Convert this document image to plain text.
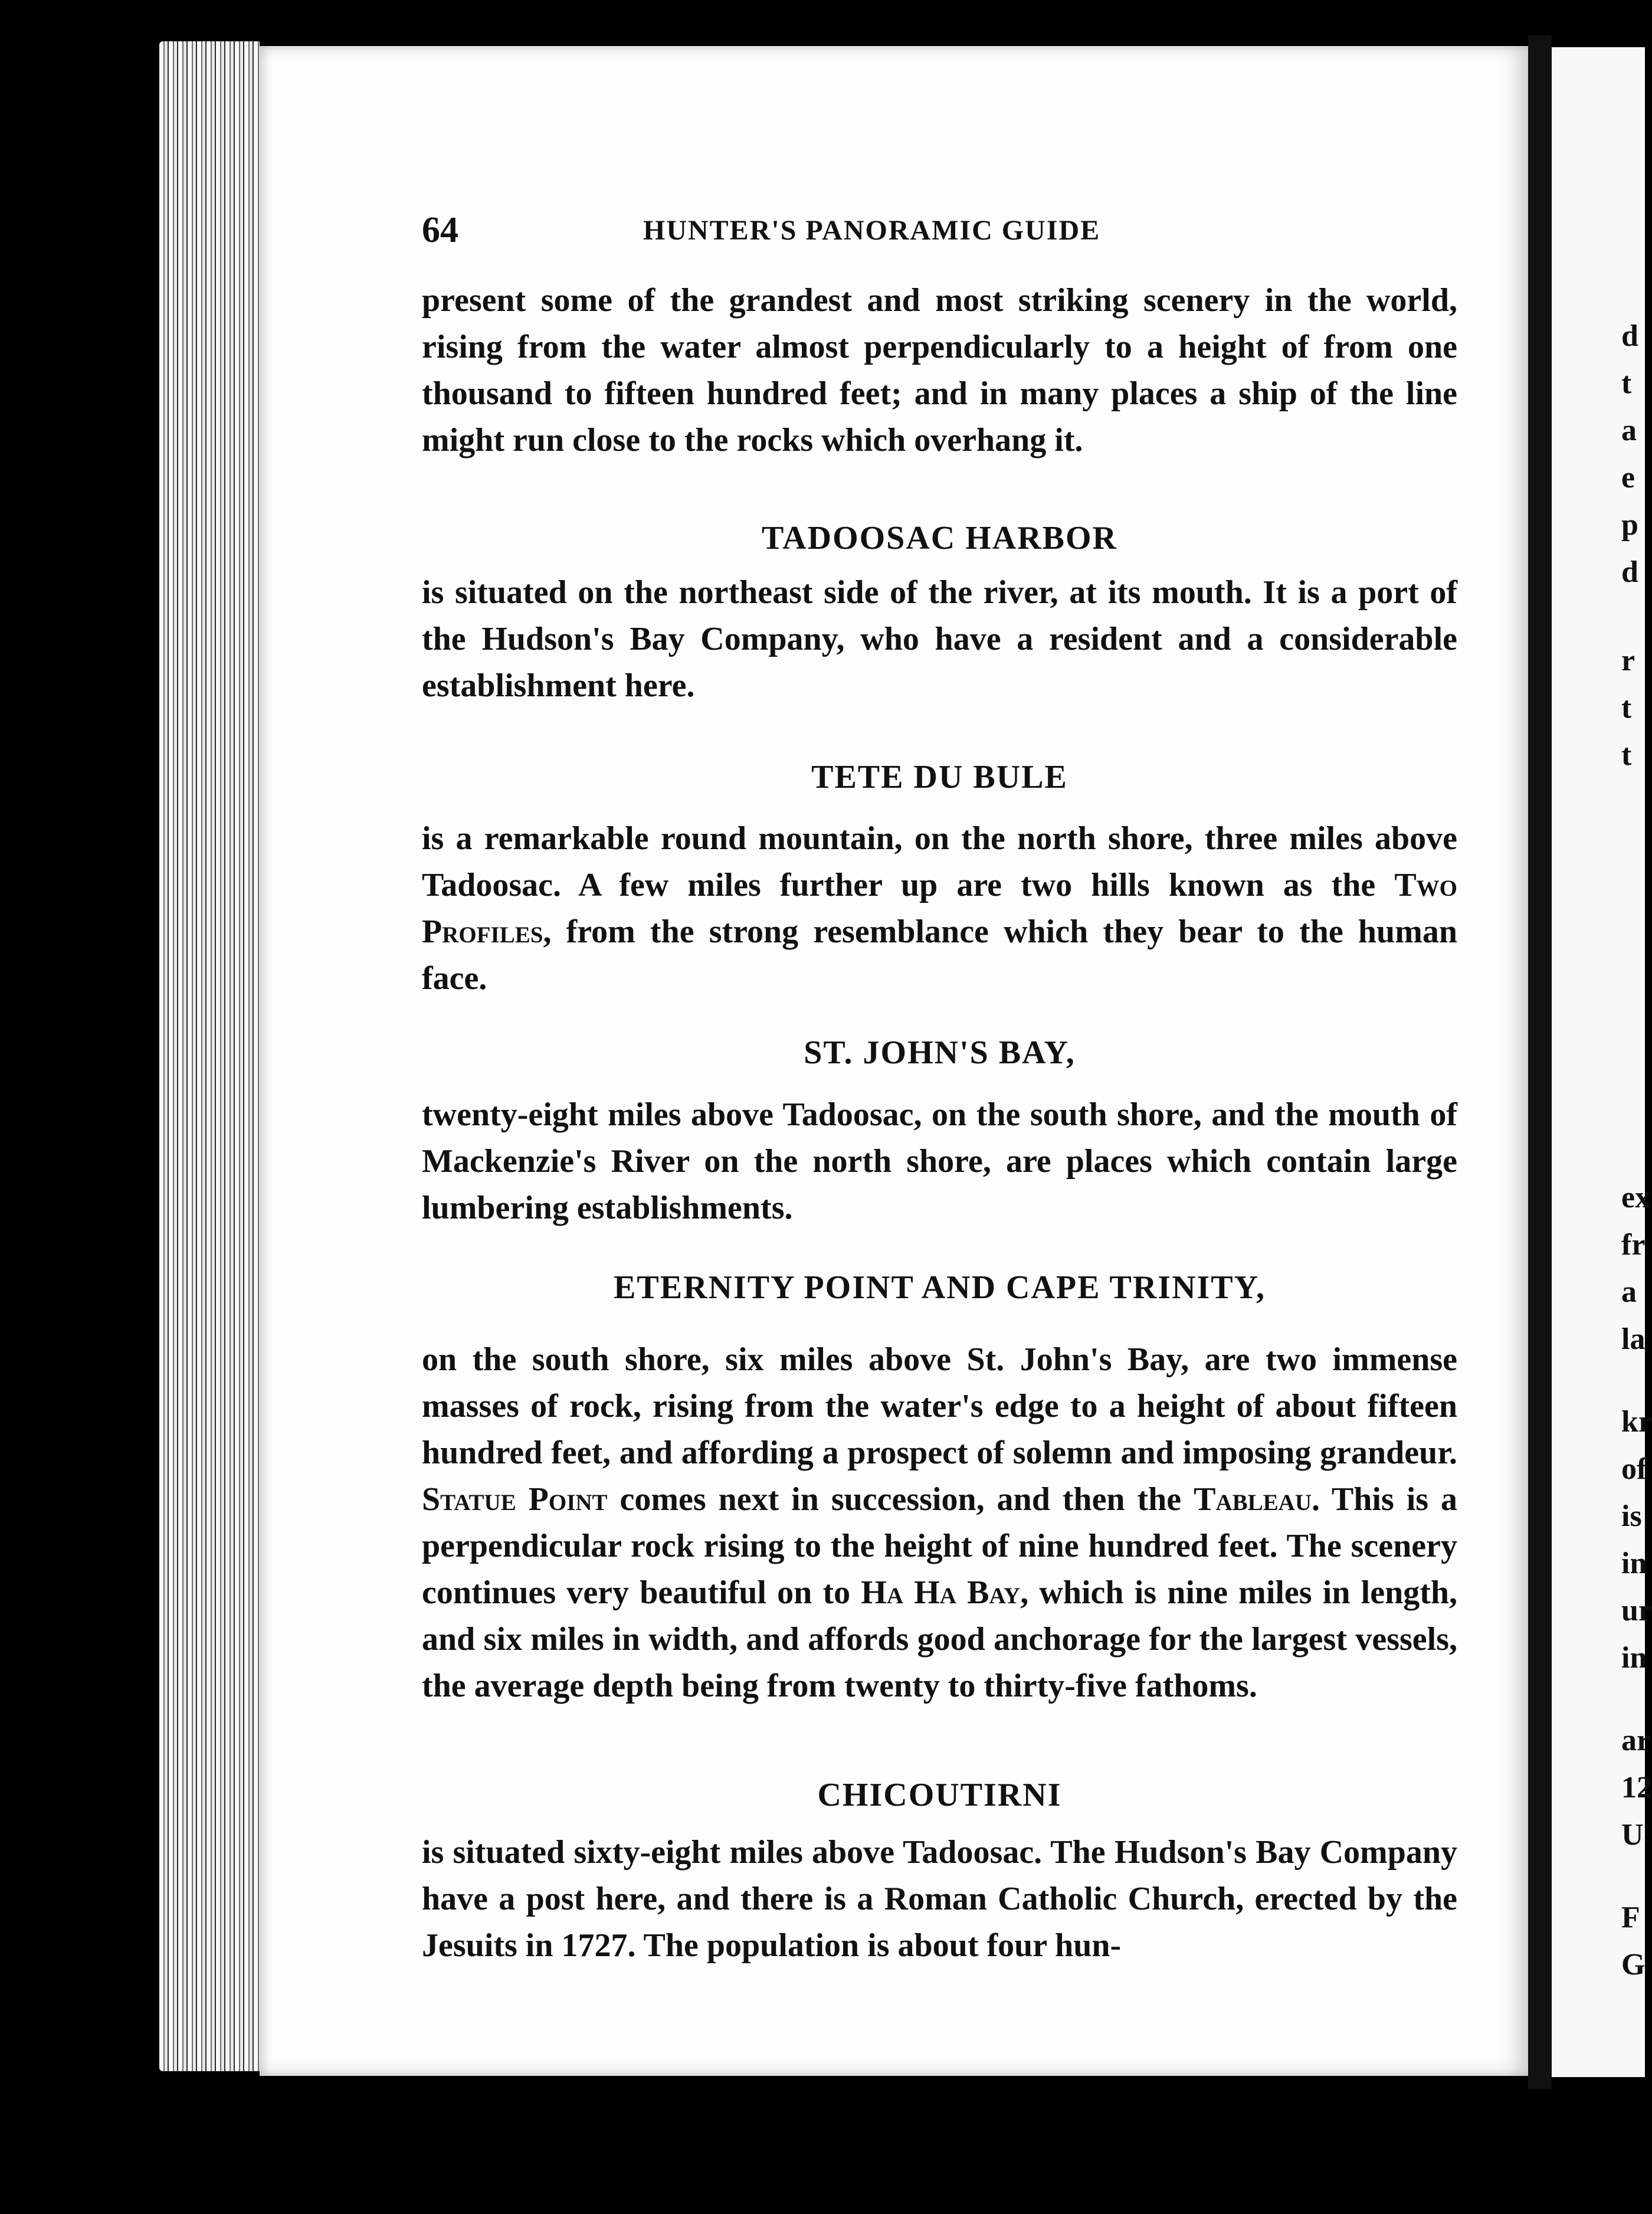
d
t
a
e
p
d
r
t
t
ex
fr
a
la
kr
of
is
in
ur
in
ar
12
U
F
G
64	HUNTER'S PANORAMIC GUIDE

present some of the grandest and most striking scenery in the world, rising from the water almost perpendicularly to a height of from one thousand to fifteen hundred feet; and in many places a ship of the line might run close to the rocks which overhang it.

TADOOSAC HARBOR

is situated on the northeast side of the river, at its mouth. It is a port of the Hudson's Bay Company, who have a resident and a considerable establishment here.

TETE DU BULE

is a remarkable round mountain, on the north shore, three miles above Tadoosac. A few miles further up are two hills known as the Two Profiles, from the strong resemblance which they bear to the human face.

ST. JOHN'S BAY,

twenty-eight miles above Tadoosac, on the south shore, and the mouth of Mackenzie's River on the north shore, are places which contain large lumbering establishments.

ETERNITY POINT AND CAPE TRINITY,

on the south shore, six miles above St. John's Bay, are two immense masses of rock, rising from the water's edge to a height of about fifteen hundred feet, and affording a prospect of solemn and imposing grandeur. Statue Point comes next in succession, and then the Tableau. This is a perpendicular rock rising to the height of nine hundred feet. The scenery continues very beautiful on to Ha Ha Bay, which is nine miles in length, and six miles in width, and affords good anchorage for the largest vessels, the average depth being from twenty to thirty-five fathoms.

CHICOUTIRNI

is situated sixty-eight miles above Tadoosac. The Hudson's Bay Company have a post here, and there is a Roman Catholic Church, erected by the Jesuits in 1727. The population is about four hun-
